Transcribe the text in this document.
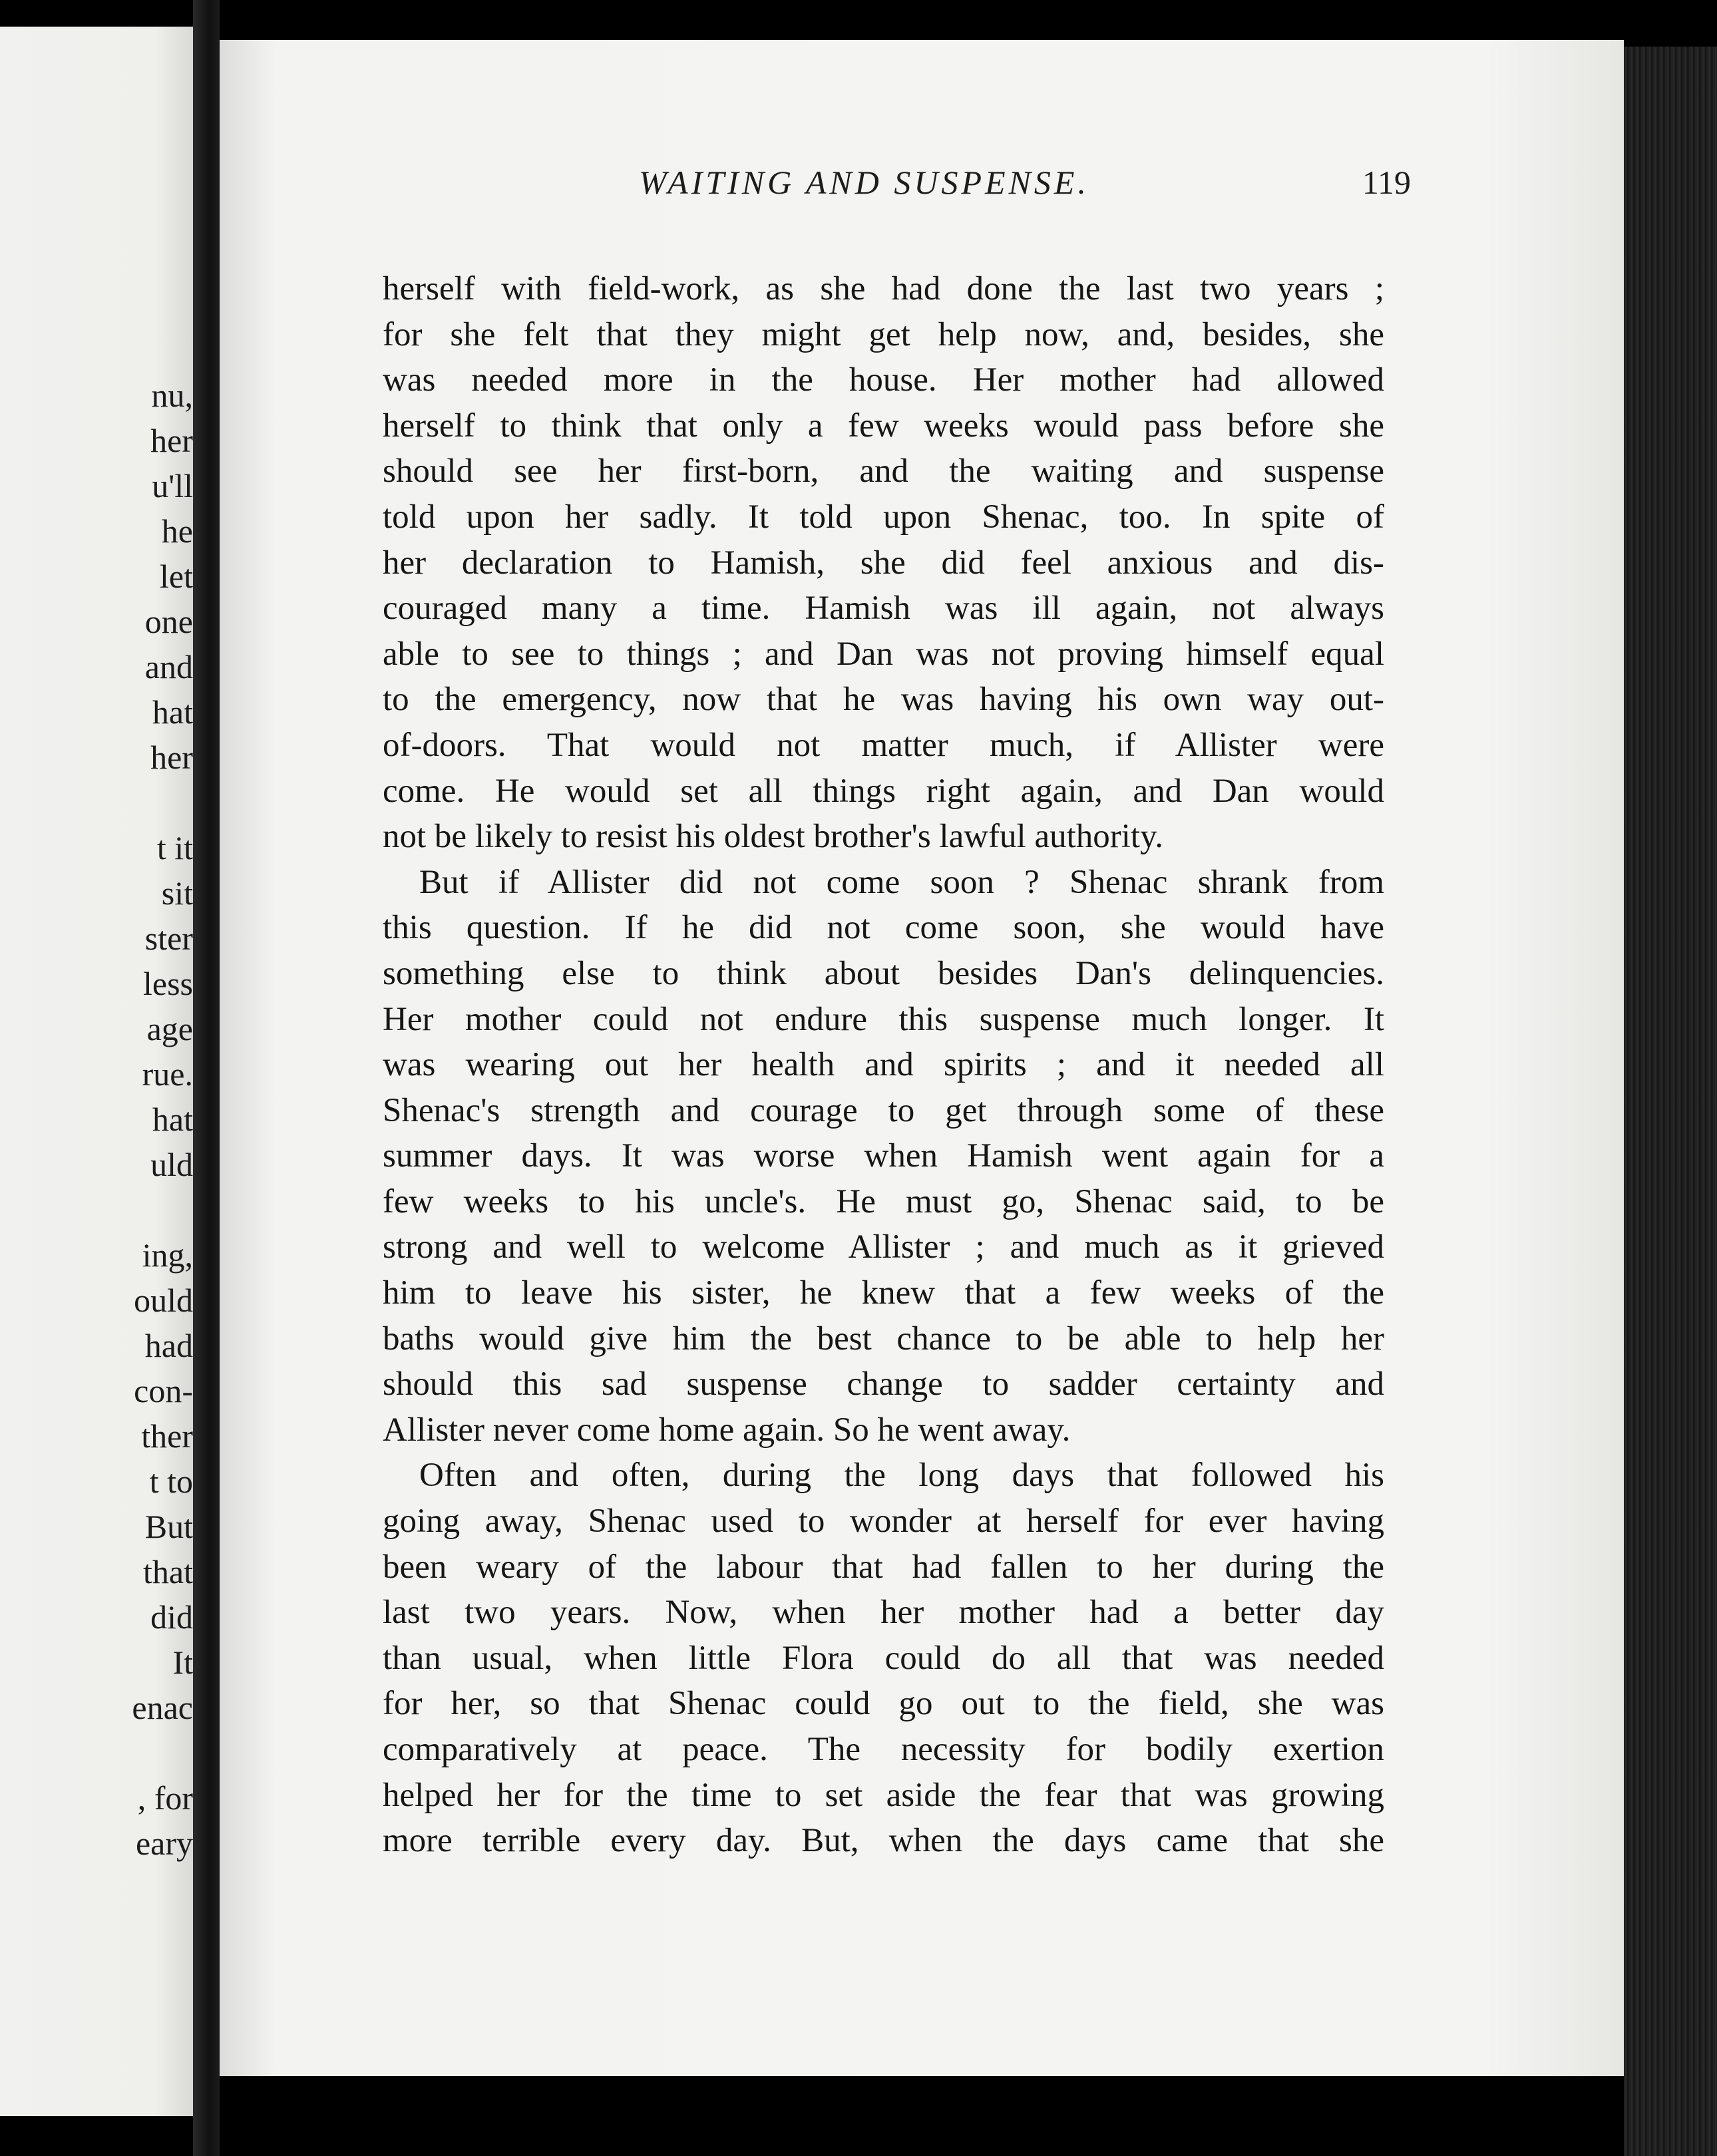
nu,
her
u'll
he
let
one
and
hat
her
t it
sit
ster
less
age
rue.
hat
uld
ing,
ould
had
con-
ther
t to
But
that
did
It
enac
, for
eary
WAITING AND SUSPENSE.	119
herself with field-work, as she had done the last two years ;
for she felt that they might get help now, and, besides, she
was needed more in the house. Her mother had allowed
herself to think that only a few weeks would pass before she
should see her first-born, and the waiting and suspense
told upon her sadly. It told upon Shenac, too. In spite of
her declaration to Hamish, she did feel anxious and dis-
couraged many a time. Hamish was ill again, not always
able to see to things ; and Dan was not proving himself equal
to the emergency, now that he was having his own way out-
of-doors. That would not matter much, if Allister were
come. He would set all things right again, and Dan would
not be likely to resist his oldest brother's lawful authority.
But if Allister did not come soon ? Shenac shrank from
this question. If he did not come soon, she would have
something else to think about besides Dan's delinquencies.
Her mother could not endure this suspense much longer. It
was wearing out her health and spirits ; and it needed all
Shenac's strength and courage to get through some of these
summer days. It was worse when Hamish went again for a
few weeks to his uncle's. He must go, Shenac said, to be
strong and well to welcome Allister ; and much as it grieved
him to leave his sister, he knew that a few weeks of the
baths would give him the best chance to be able to help her
should this sad suspense change to sadder certainty and
Allister never come home again. So he went away.
Often and often, during the long days that followed his
going away, Shenac used to wonder at herself for ever having
been weary of the labour that had fallen to her during the
last two years. Now, when her mother had a better day
than usual, when little Flora could do all that was needed
for her, so that Shenac could go out to the field, she was
comparatively at peace. The necessity for bodily exertion
helped her for the time to set aside the fear that was growing
more terrible every day. But, when the days came that she
